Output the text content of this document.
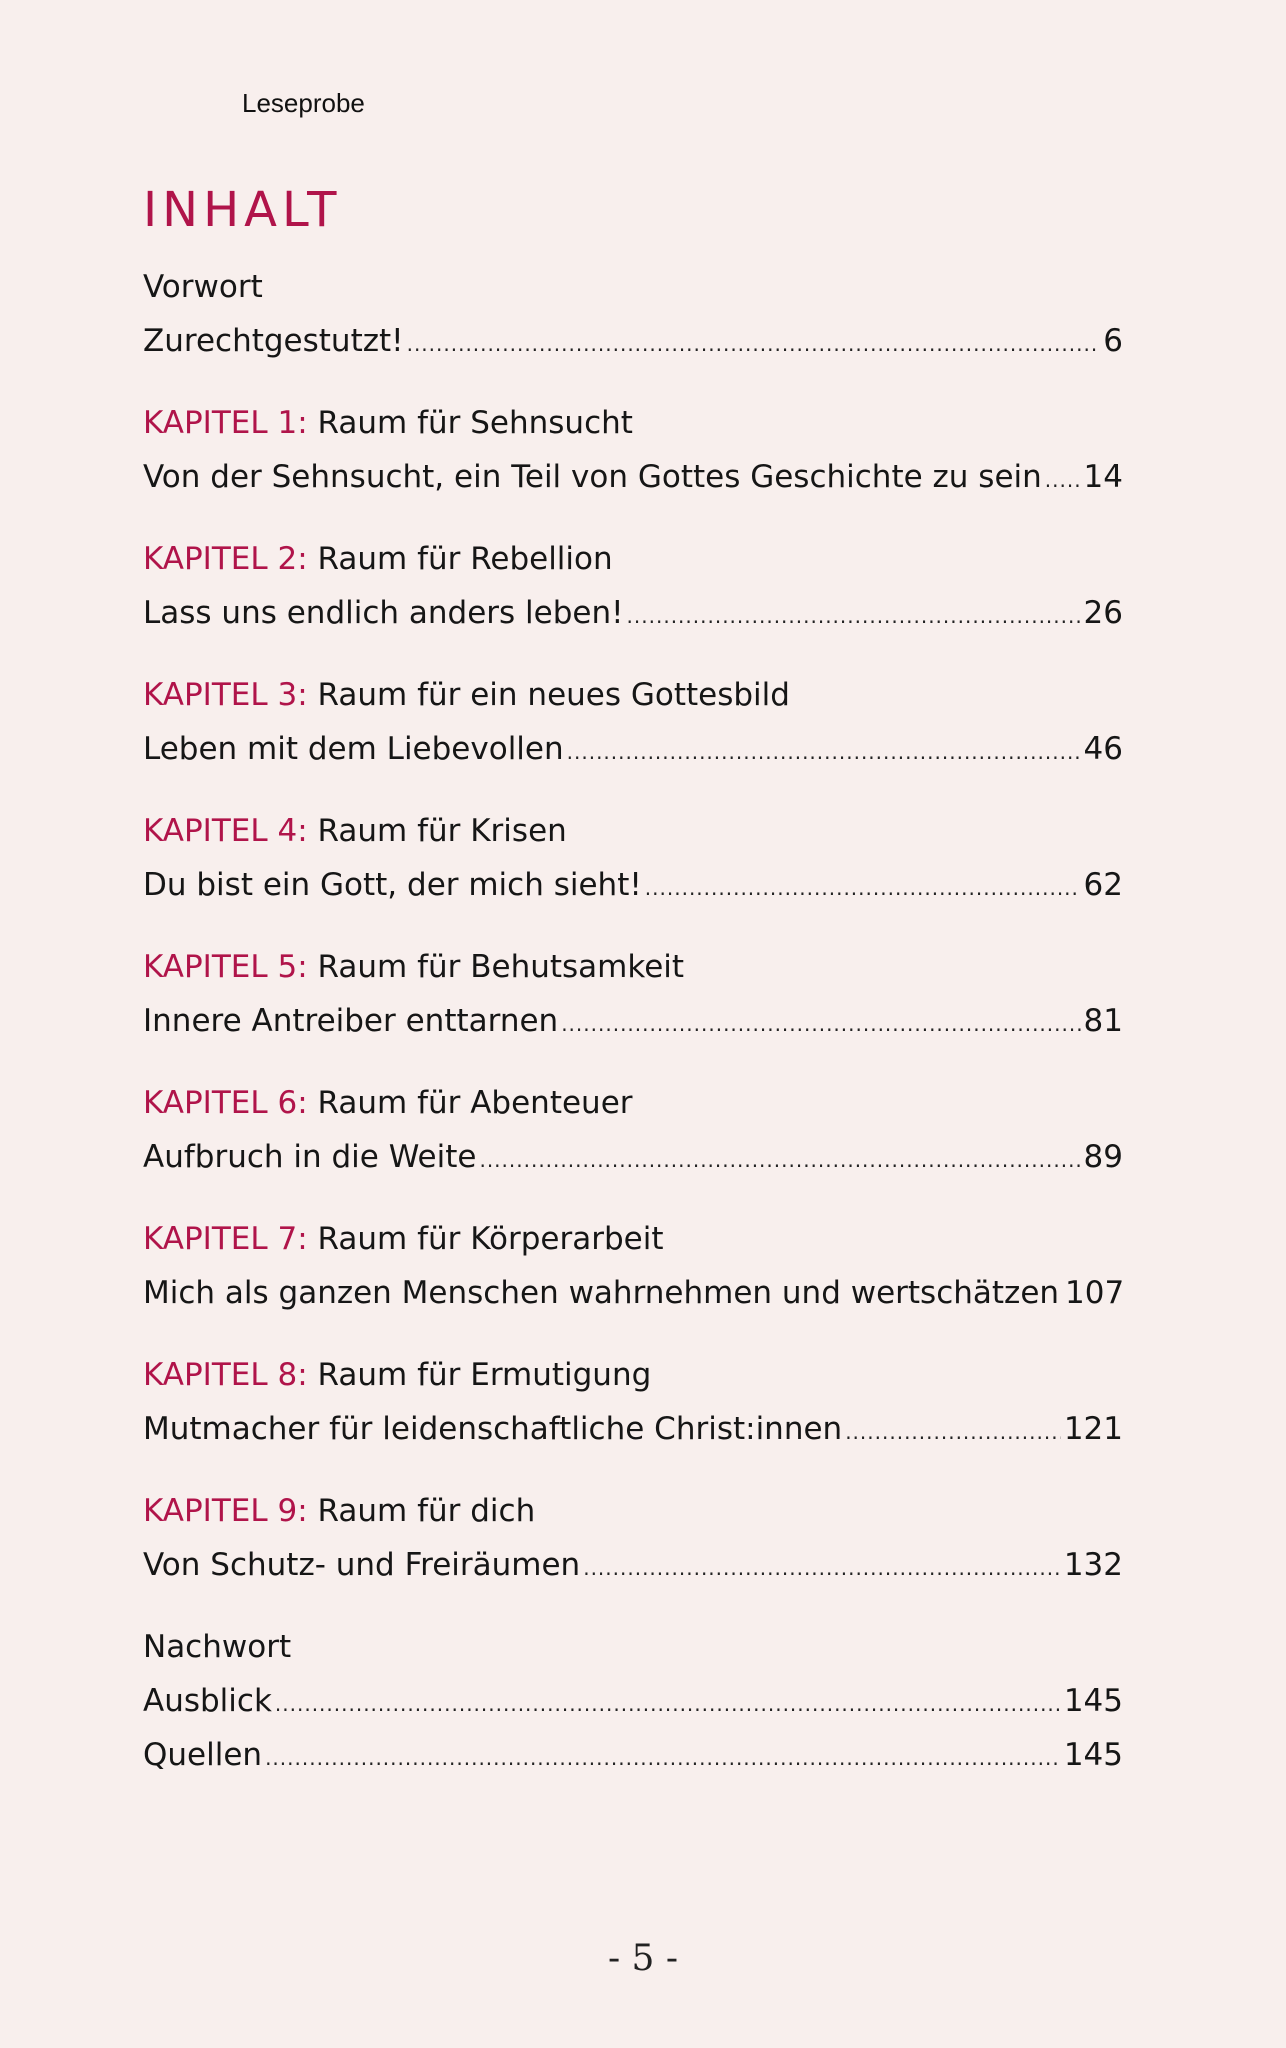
Leseprobe
INHALT
Vorwort
Zurechtgestutzt! .....	6
KAPITEL 1: Raum für Sehnsucht
Von der Sehnsucht, ein Teil von Gottes Geschichte zu sein ..... 14
KAPITEL 2: Raum für Rebellion
Lass uns endlich anders leben! .....	26
KAPITEL 3: Raum für ein neues Gottesbild
Leben mit dem Liebevollen .....	46
KAPITEL 4: Raum für Krisen
Du bist ein Gott, der mich sieht! .....	62
KAPITEL 5: Raum für Behutsamkeit
Innere Antreiber enttarnen .....	81
KAPITEL 6: Raum für Abenteuer
Aufbruch in die Weite .....	89
KAPITEL 7: Raum für Körperarbeit
Mich als ganzen Menschen wahrnehmen und wertschätzen 107
KAPITEL 8: Raum für Ermutigung
Mutmacher für leidenschaftliche Christ:innen .....	121
KAPITEL 9: Raum für dich
Von Schutz- und Freiräumen .....	132
Nachwort
Ausblick .....	145
Quellen .....	145
- 5 -
